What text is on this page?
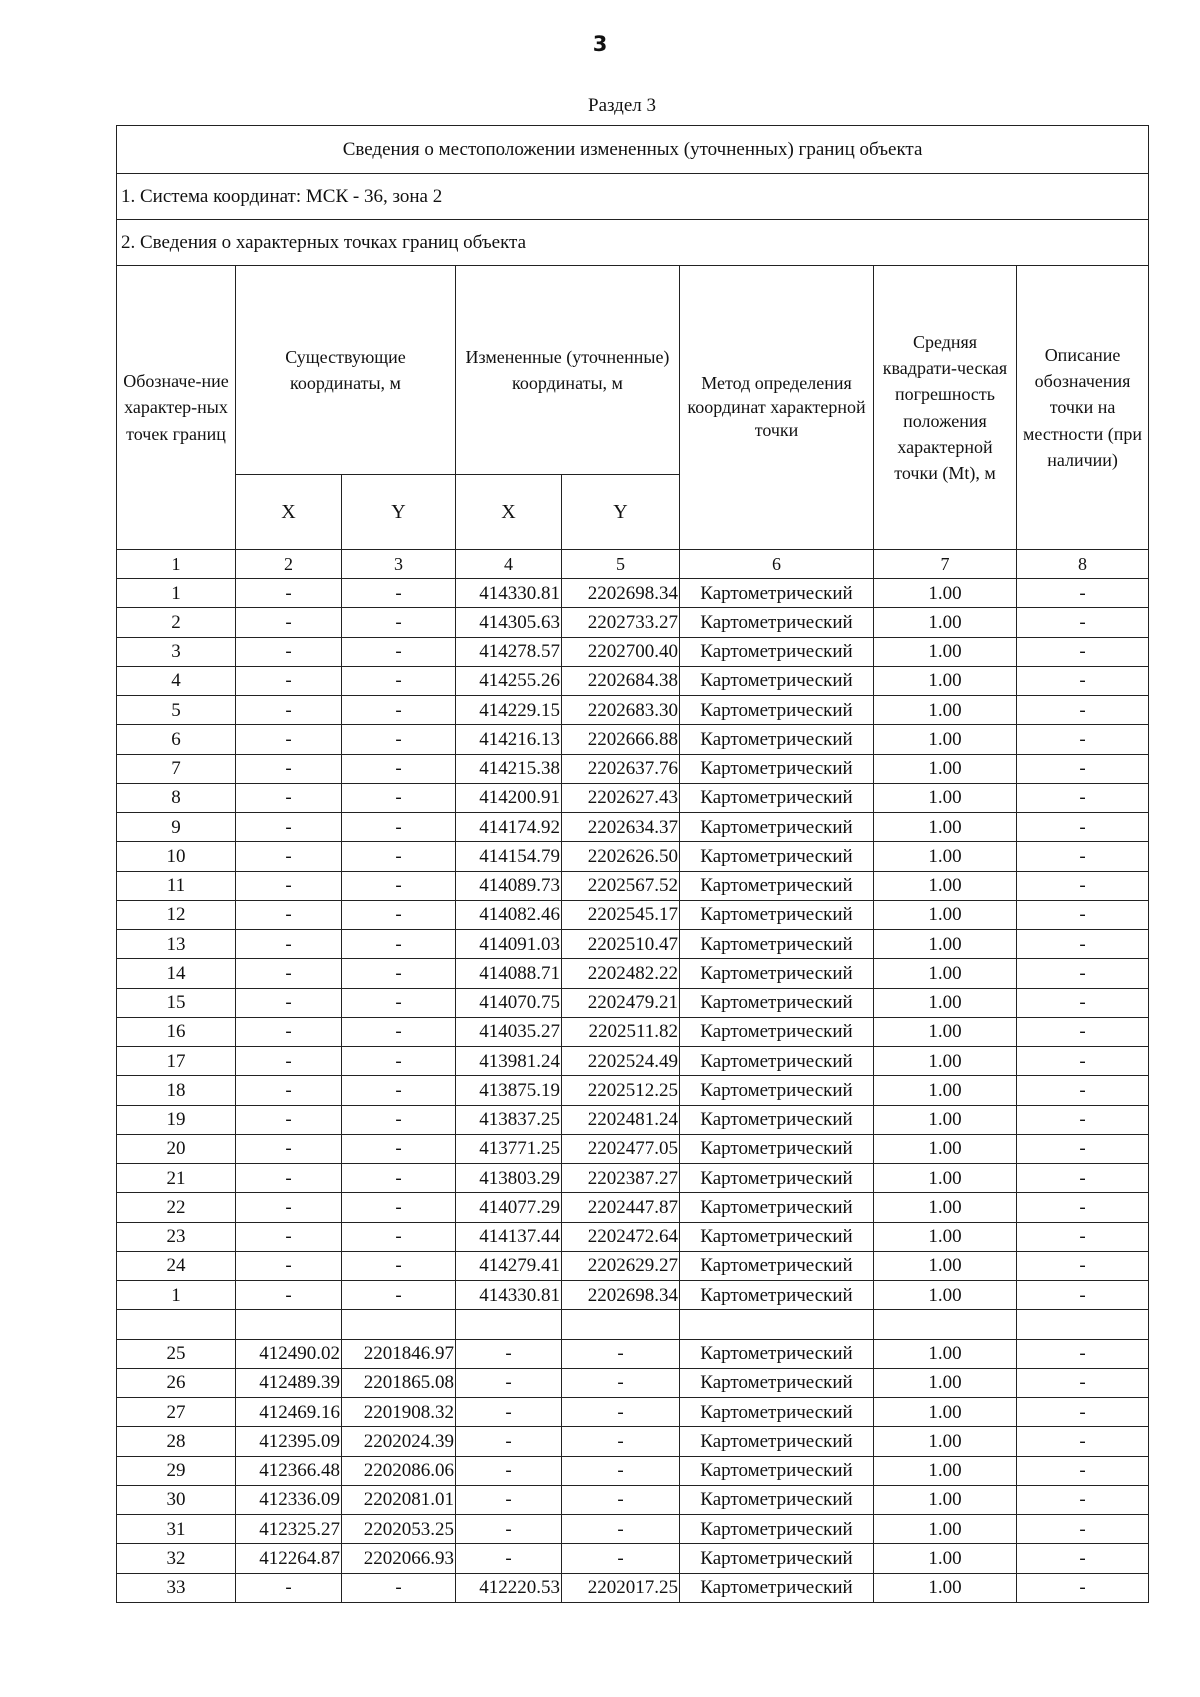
3
Раздел 3
Сведения о местоположении измененных (уточненных) границ объекта							
1. Система координат: МСК - 36, зона 2							
2. Сведения о характерных точках границ объекта							
Обозначе-ние характер-ных точек границ	Существующие координаты, м		Измененные (уточненные) координаты, м		Метод определения координат характерной точки	Средняя квадрати-ческая погрешность положения характерной точки (Mt), м	Описание обозначения точки на местности (при наличии)
	X	Y	X	Y			
1	2	3	4	5	6	7	8
1	-	-	414330.81	2202698.34	Картометрический	1.00	-
2	-	-	414305.63	2202733.27	Картометрический	1.00	-
3	-	-	414278.57	2202700.40	Картометрический	1.00	-
4	-	-	414255.26	2202684.38	Картометрический	1.00	-
5	-	-	414229.15	2202683.30	Картометрический	1.00	-
6	-	-	414216.13	2202666.88	Картометрический	1.00	-
7	-	-	414215.38	2202637.76	Картометрический	1.00	-
8	-	-	414200.91	2202627.43	Картометрический	1.00	-
9	-	-	414174.92	2202634.37	Картометрический	1.00	-
10	-	-	414154.79	2202626.50	Картометрический	1.00	-
11	-	-	414089.73	2202567.52	Картометрический	1.00	-
12	-	-	414082.46	2202545.17	Картометрический	1.00	-
13	-	-	414091.03	2202510.47	Картометрический	1.00	-
14	-	-	414088.71	2202482.22	Картометрический	1.00	-
15	-	-	414070.75	2202479.21	Картометрический	1.00	-
16	-	-	414035.27	2202511.82	Картометрический	1.00	-
17	-	-	413981.24	2202524.49	Картометрический	1.00	-
18	-	-	413875.19	2202512.25	Картометрический	1.00	-
19	-	-	413837.25	2202481.24	Картометрический	1.00	-
20	-	-	413771.25	2202477.05	Картометрический	1.00	-
21	-	-	413803.29	2202387.27	Картометрический	1.00	-
22	-	-	414077.29	2202447.87	Картометрический	1.00	-
23	-	-	414137.44	2202472.64	Картометрический	1.00	-
24	-	-	414279.41	2202629.27	Картометрический	1.00	-
1	-	-	414330.81	2202698.34	Картометрический	1.00	-

25	412490.02	2201846.97	-	-	Картометрический	1.00	-
26	412489.39	2201865.08	-	-	Картометрический	1.00	-
27	412469.16	2201908.32	-	-	Картометрический	1.00	-
28	412395.09	2202024.39	-	-	Картометрический	1.00	-
29	412366.48	2202086.06	-	-	Картометрический	1.00	-
30	412336.09	2202081.01	-	-	Картометрический	1.00	-
31	412325.27	2202053.25	-	-	Картометрический	1.00	-
32	412264.87	2202066.93	-	-	Картометрический	1.00	-
33	-	-	412220.53	2202017.25	Картометрический	1.00	-
